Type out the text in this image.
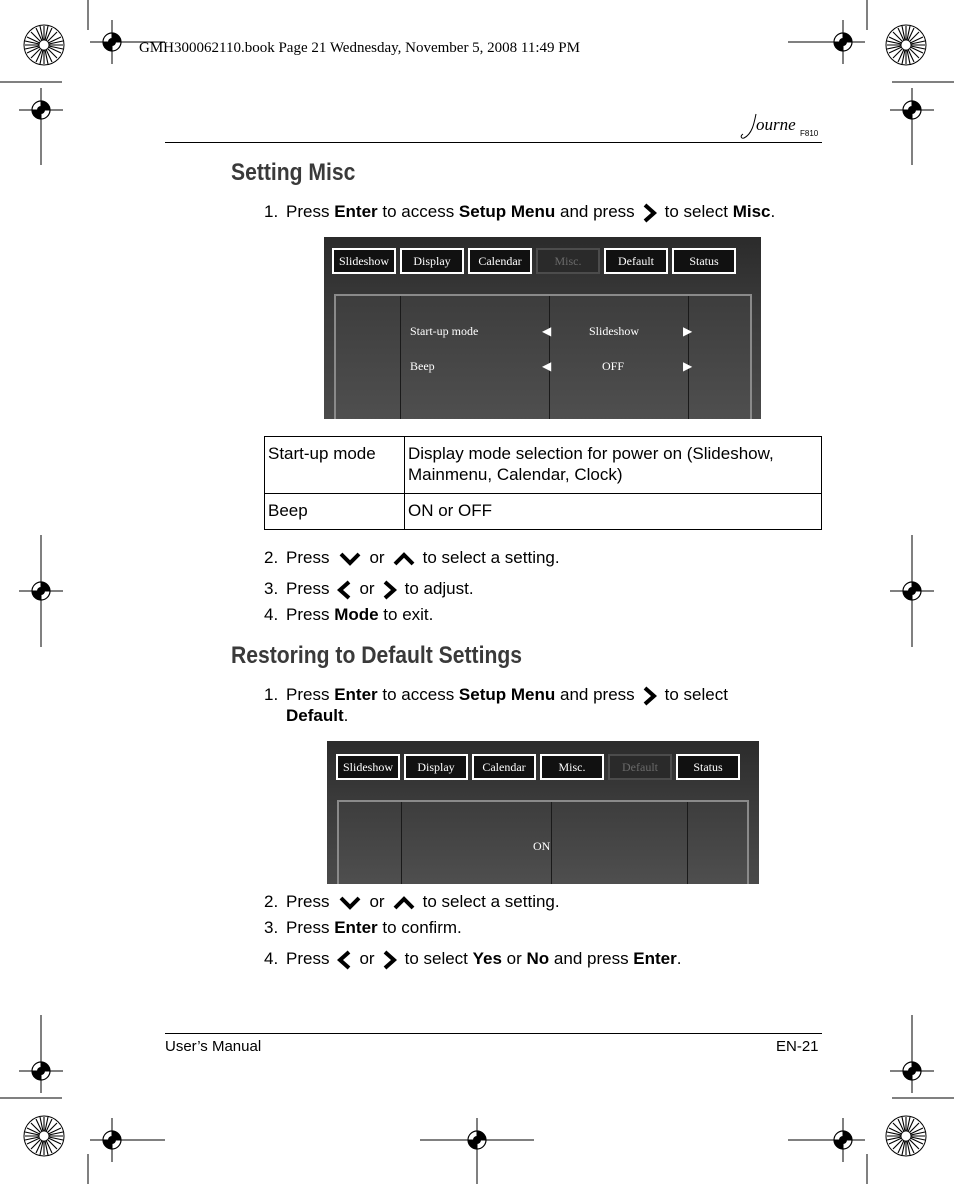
GMH300062110.book Page 21 Wednesday, November 5, 2008 11:49 PM
ourne F810
Setting Misc
1. Press Enter to access Setup Menu and press to select Misc.
Slideshow	Display	Calendar	Misc.	Default	Status
Start-up mode	◀	Slideshow	▶
Beep	◀	OFF	▶
Start-up mode	Display mode selection for power on (Slideshow, Mainmenu, Calendar, Clock)
Beep	ON or OFF
2. Press or to select a setting.
3. Press or to adjust.
4. Press Mode to exit.
Restoring to Default Settings
1. Press Enter to access Setup Menu and press to select
Default.
Slideshow	Display	Calendar	Misc.	Default	Status
ON
2. Press or to select a setting.
3. Press Enter to confirm.
4. Press or to select Yes or No and press Enter.
User’s Manual	EN-21
